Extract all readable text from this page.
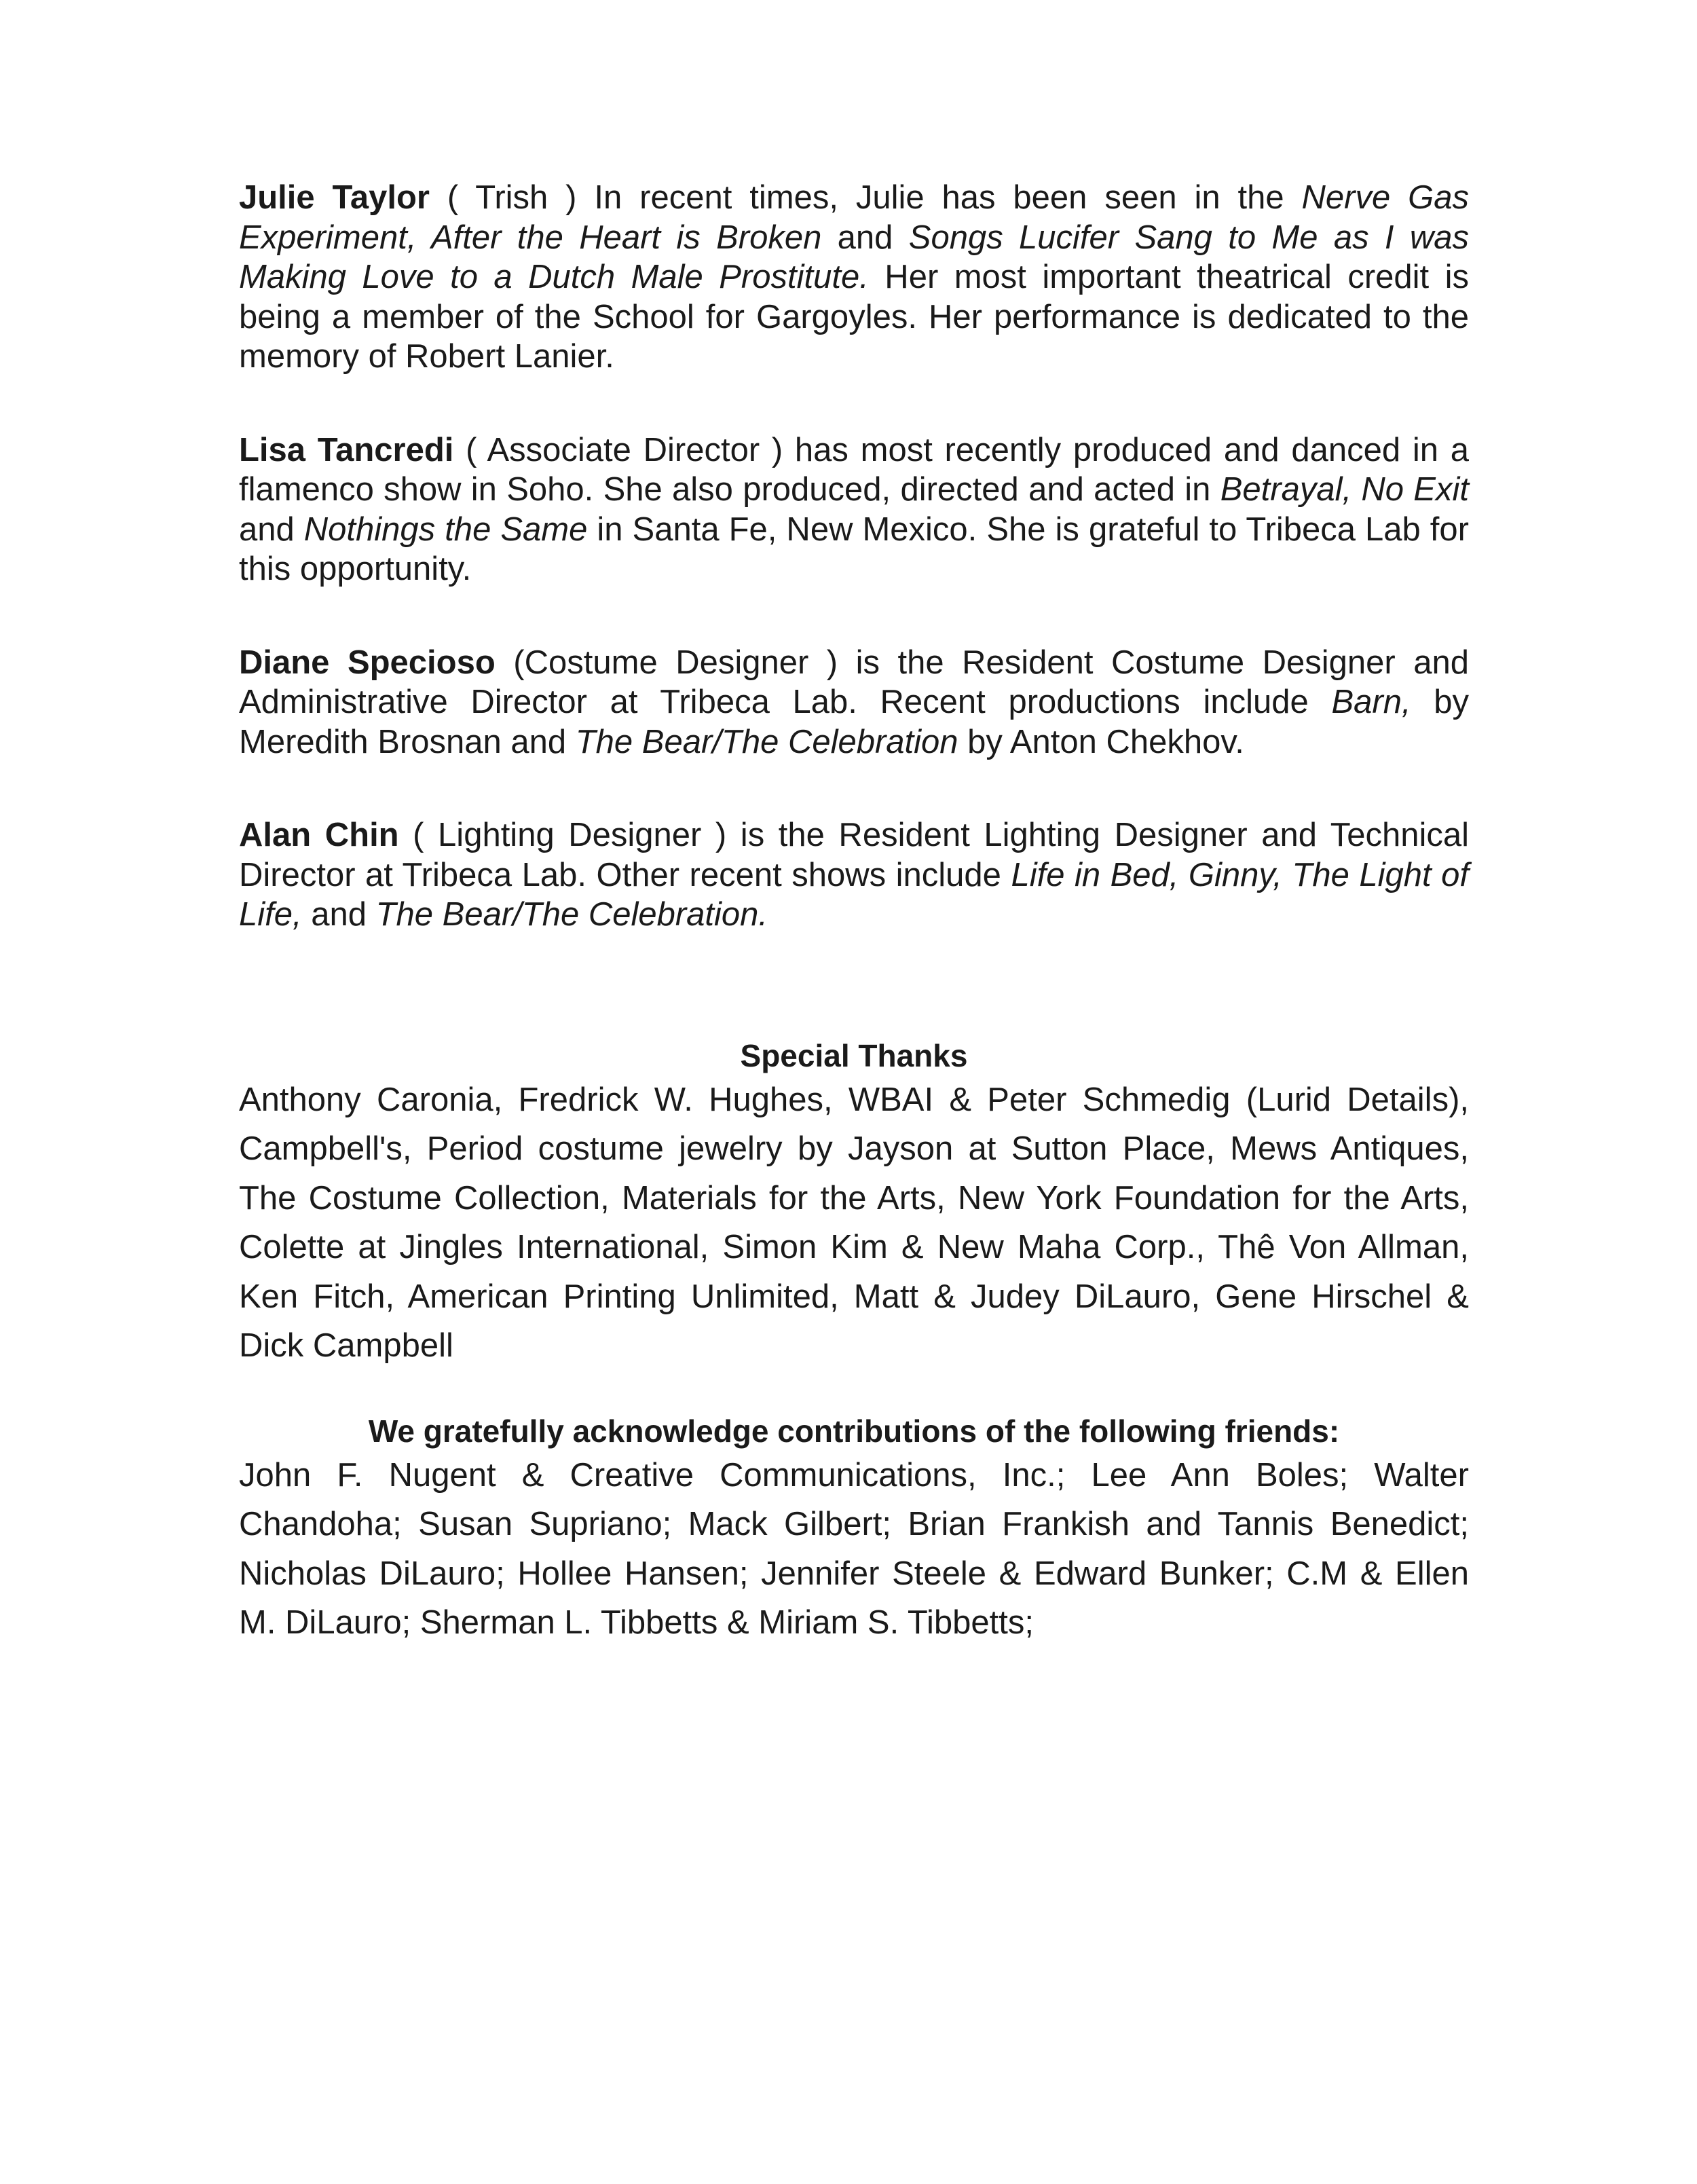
Julie Taylor ( Trish ) In recent times, Julie has been seen in the Nerve Gas Experiment, After the Heart is Broken and Songs Lucifer Sang to Me as I was Making Love to a Dutch Male Prostitute. Her most important theatrical credit is being a member of the School for Gargoyles. Her performance is dedicated to the memory of Robert Lanier.

Lisa Tancredi ( Associate Director ) has most recently produced and danced in a flamenco show in Soho. She also produced, directed and acted in Betrayal, No Exit and Nothings the Same in Santa Fe, New Mexico. She is grateful to Tribeca Lab for this opportunity.

Diane Specioso (Costume Designer ) is the Resident Costume Designer and Administrative Director at Tribeca Lab. Recent productions include Barn, by Meredith Brosnan and The Bear/The Celebration by Anton Chekhov.

Alan Chin ( Lighting Designer ) is the Resident Lighting Designer and Technical Director at Tribeca Lab. Other recent shows include Life in Bed, Ginny, The Light of Life, and The Bear/The Celebration.

Special Thanks

Anthony Caronia, Fredrick W. Hughes, WBAI & Peter Schmedig (Lurid Details), Campbell's, Period costume jewelry by Jayson at Sutton Place, Mews Antiques, The Costume Collection, Materials for the Arts, New York Foundation for the Arts, Colette at Jingles International, Simon Kim & New Maha Corp., Thê Von Allman, Ken Fitch, American Printing Unlimited, Matt & Judey DiLauro, Gene Hirschel & Dick Campbell

We gratefully acknowledge contributions of the following friends:

John F. Nugent & Creative Communications, Inc.; Lee Ann Boles; Walter Chandoha; Susan Supriano; Mack Gilbert; Brian Frankish and Tannis Benedict; Nicholas DiLauro; Hollee Hansen; Jennifer Steele & Edward Bunker; C.M & Ellen M. DiLauro; Sherman L. Tibbetts & Miriam S. Tibbetts;
